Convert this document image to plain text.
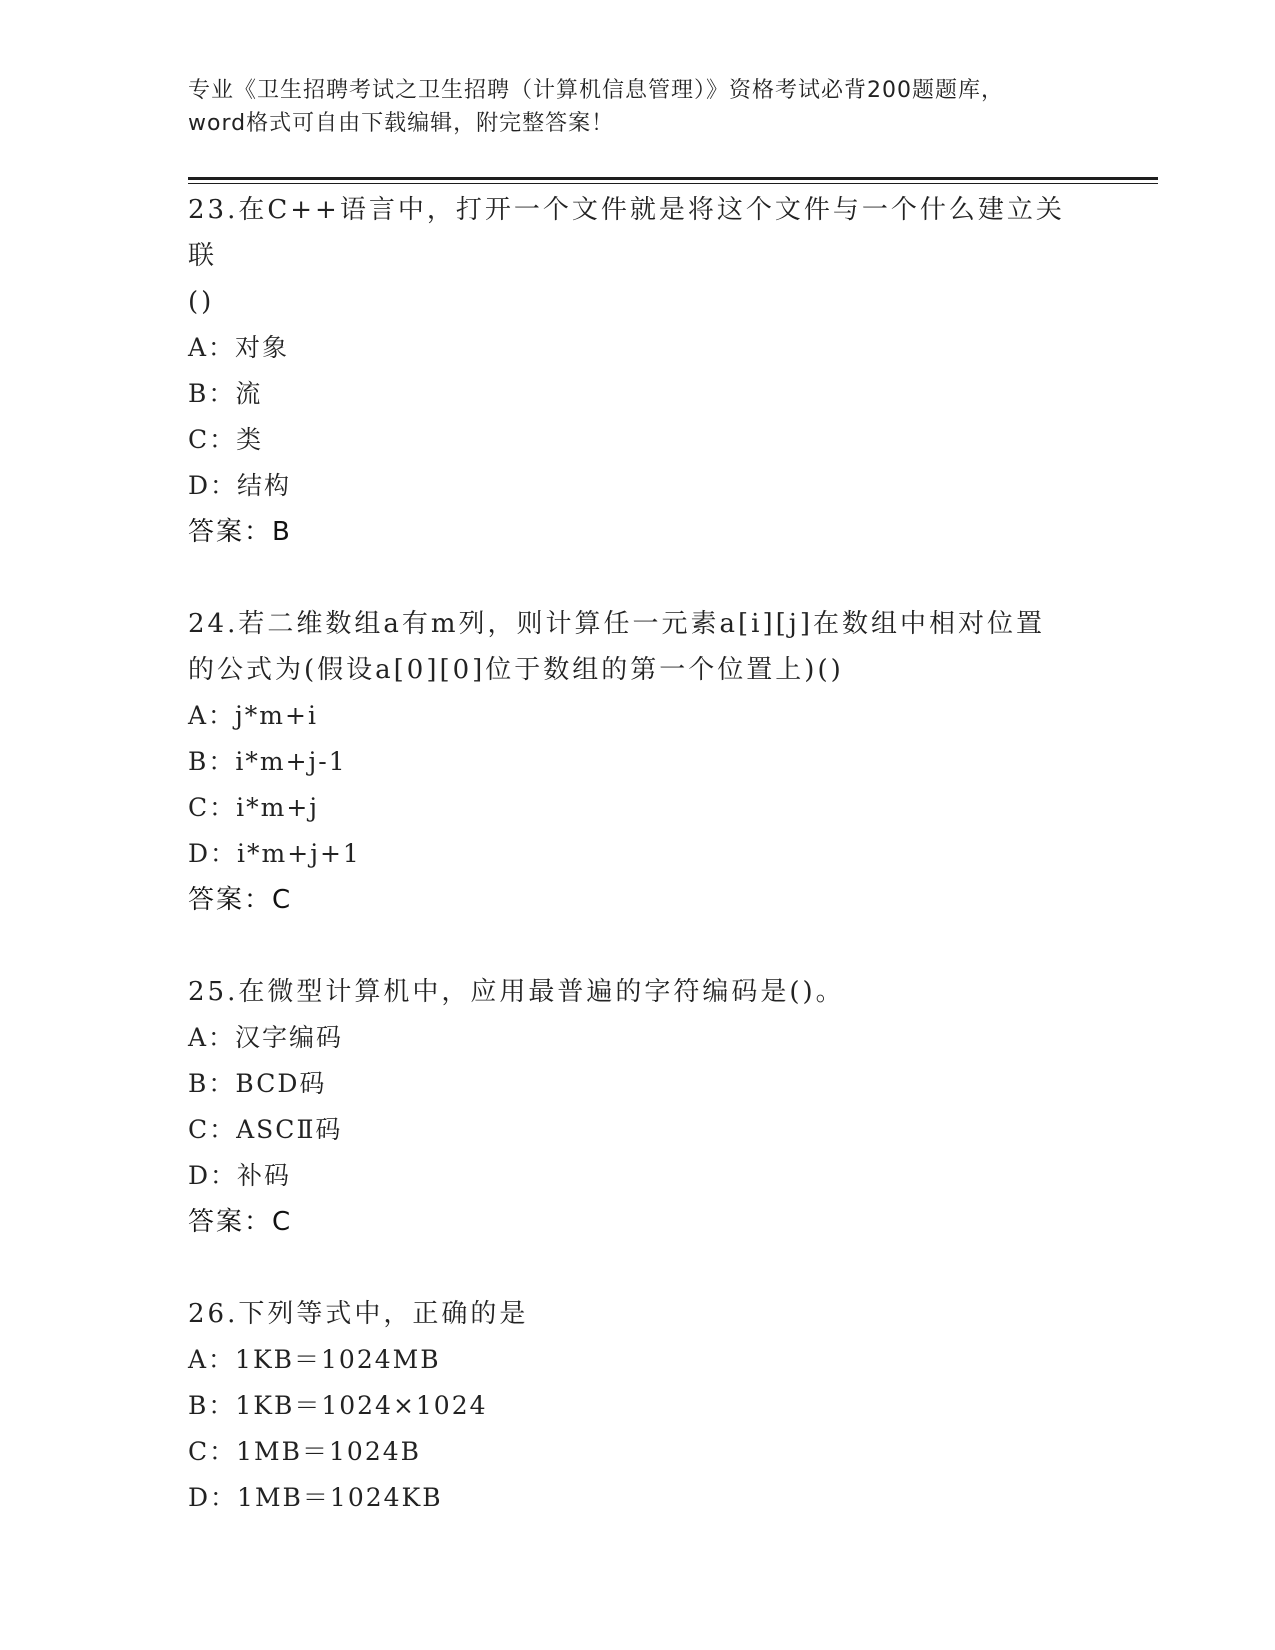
专业《卫生招聘考试之卫生招聘（计算机信息管理）》资格考试必背200题题库，
word格式可自由下载编辑，附完整答案！

23.在C++语言中，打开一个文件就是将这个文件与一个什么建立关联

()

A：对象

B：流

C：类

D：结构

答案：B

24.若二维数组a有m列，则计算任一元素a[i][j]在数组中相对位置

的公式为(假设a[0][0]位于数组的第一个位置上)()

A：j*m+i

B：i*m+j-1

C：i*m+j

D：i*m+j+1

答案：C

25.在微型计算机中，应用最普遍的字符编码是()。

A：汉字编码

B：BCD码

C：ASCⅡ码

D：补码

答案：C

26.下列等式中，正确的是

A：1KB＝1024MB

B：1KB＝1024×1024

C：1MB＝1024B

D：1MB＝1024KB
